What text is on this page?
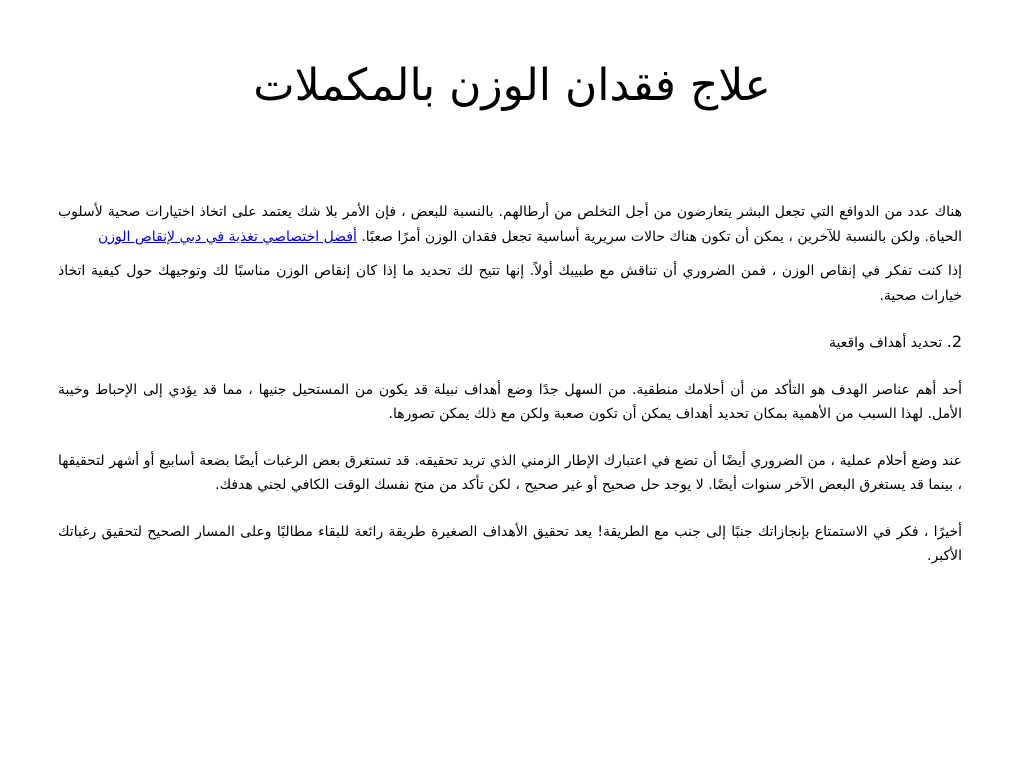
علاج فقدان الوزن بالمكملات

هناك عدد من الدوافع التي تجعل البشر يتعارضون من أجل التخلص من أرطالهم. بالنسبة للبعض ، فإن الأمر بلا شك يعتمد على اتخاذ اختيارات صحية لأسلوب الحياة. ولكن بالنسبة للآخرين ، يمكن أن تكون هناك حالات سريرية أساسية تجعل فقدان الوزن أمرًا صعبًا. أفضل اختصاصي تغذية في دبي لإنقاص الوزن

إذا كنت تفكر في إنقاص الوزن ، فمن الضروري أن تناقش مع طبيبك أولاً. إنها تتيح لك تحديد ما إذا كان إنقاص الوزن مناسبًا لك وتوجيهك حول كيفية اتخاذ خيارات صحية.

2. تحديد أهداف واقعية

أحد أهم عناصر الهدف هو التأكد من أن أحلامك منطقية. من السهل جدًا وضع أهداف نبيلة قد يكون من المستحيل جنيها ، مما قد يؤدي إلى الإحباط وخيبة الأمل. لهذا السبب من الأهمية بمكان تحديد أهداف يمكن أن تكون صعبة ولكن مع ذلك يمكن تصورها.

عند وضع أحلام عملية ، من الضروري أيضًا أن تضع في اعتبارك الإطار الزمني الذي تريد تحقيقه. قد تستغرق بعض الرغبات أيضًا بضعة أسابيع أو أشهر لتحقيقها ، بينما قد يستغرق البعض الآخر سنوات أيضًا. لا يوجد حل صحيح أو غير صحيح ، لكن تأكد من منح نفسك الوقت الكافي لجني هدفك.

أخيرًا ، فكر في الاستمتاع بإنجازاتك جنبًا إلى جنب مع الطريقة! يعد تحقيق الأهداف الصغيرة طريقة رائعة للبقاء مطالبًا وعلى المسار الصحيح لتحقيق رغباتك الأكبر.
